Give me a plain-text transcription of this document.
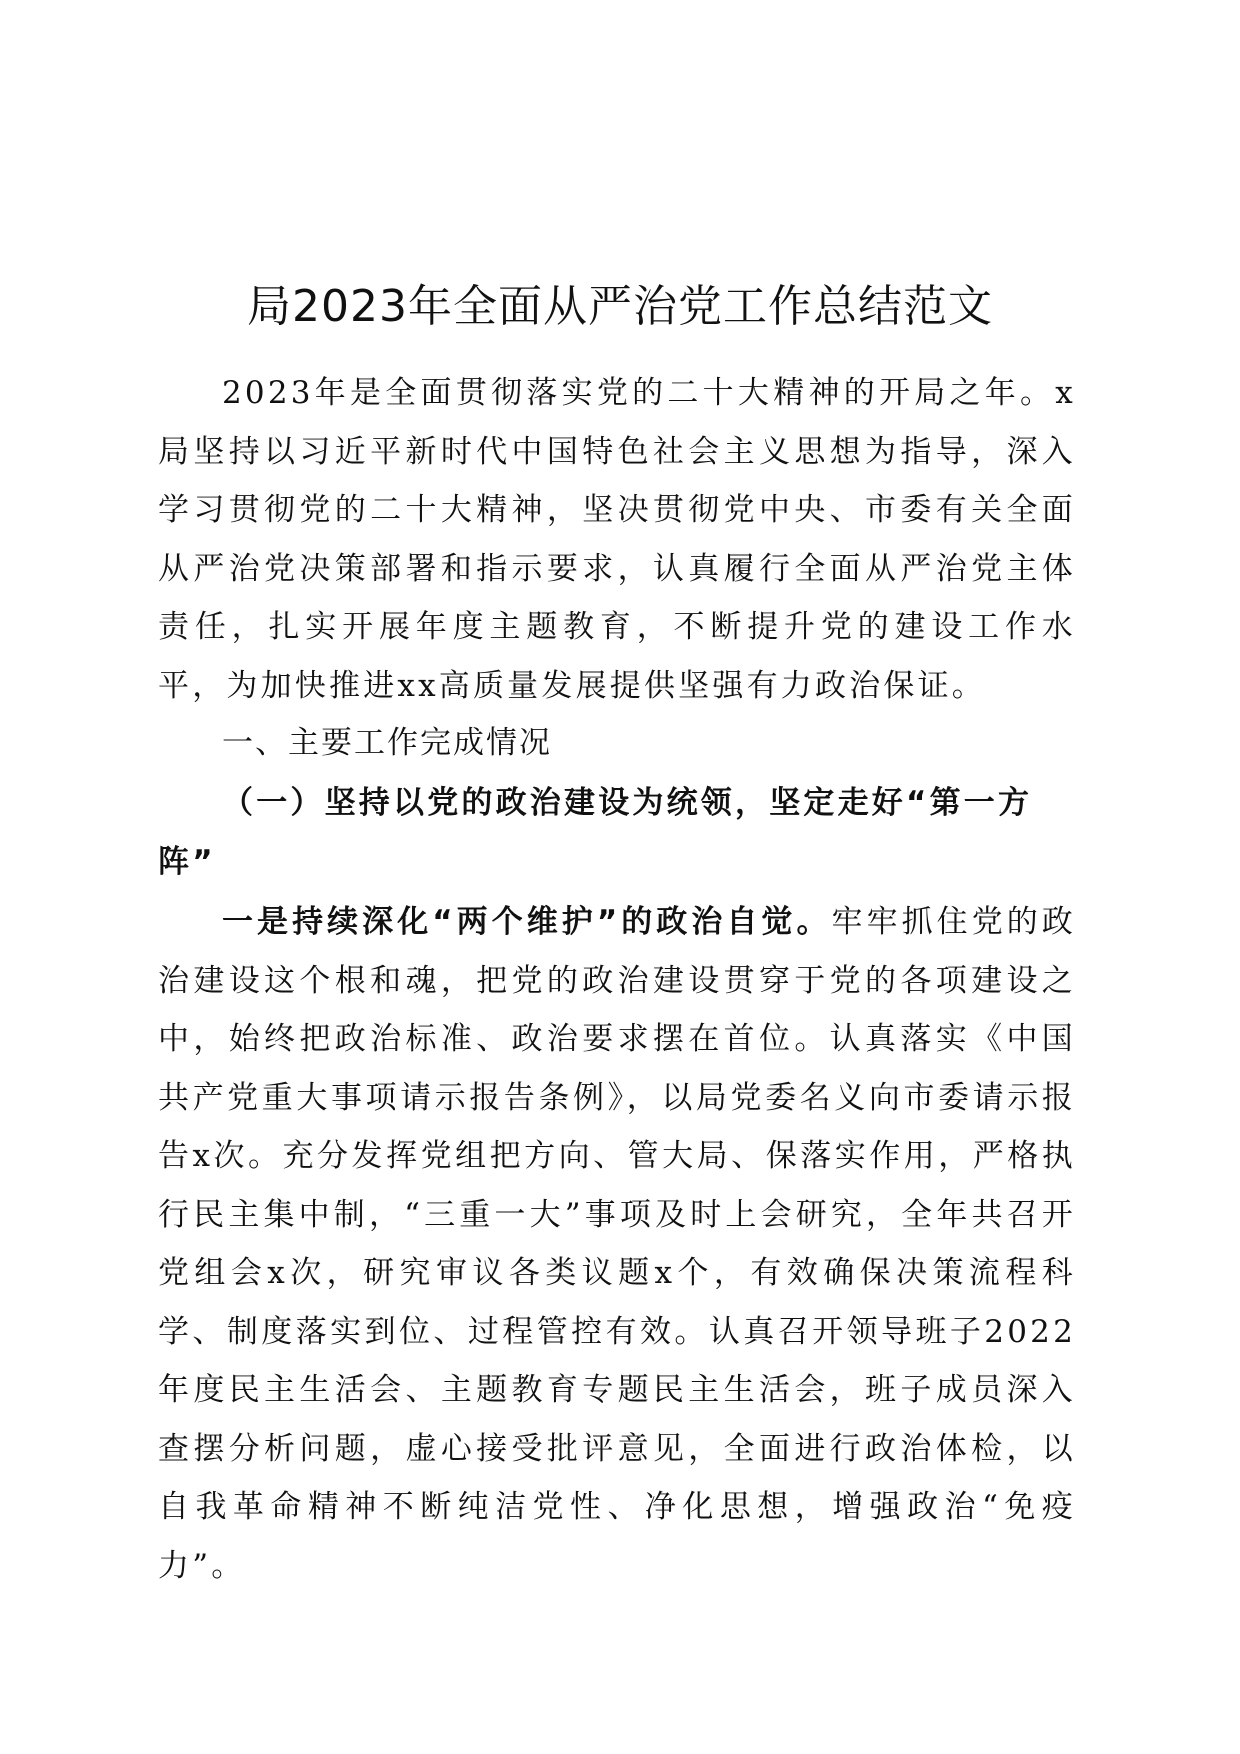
局2023年全面从严治党工作总结范文

2023年是全面贯彻落实党的二十大精神的开局之年。x局坚持以习近平新时代中国特色社会主义思想为指导，深入学习贯彻党的二十大精神，坚决贯彻党中央、市委有关全面从严治党决策部署和指示要求，认真履行全面从严治党主体责任，扎实开展年度主题教育，不断提升党的建设工作水平，为加快推进xx高质量发展提供坚强有力政治保证。

一、主要工作完成情况

（一）坚持以党的政治建设为统领，坚定走好“第一方阵”

一是持续深化“两个维护”的政治自觉。牢牢抓住党的政治建设这个根和魂，把党的政治建设贯穿于党的各项建设之中，始终把政治标准、政治要求摆在首位。认真落实《中国共产党重大事项请示报告条例》，以局党委名义向市委请示报告x次。充分发挥党组把方向、管大局、保落实作用，严格执行民主集中制，“三重一大”事项及时上会研究，全年共召开党组会x次，研究审议各类议题x个，有效确保决策流程科学、制度落实到位、过程管控有效。认真召开领导班子2022年度民主生活会、主题教育专题民主生活会，班子成员深入查摆分析问题，虚心接受批评意见，全面进行政治体检，以自我革命精神不断纯洁党性、净化思想，增强政治“免疫力”。
